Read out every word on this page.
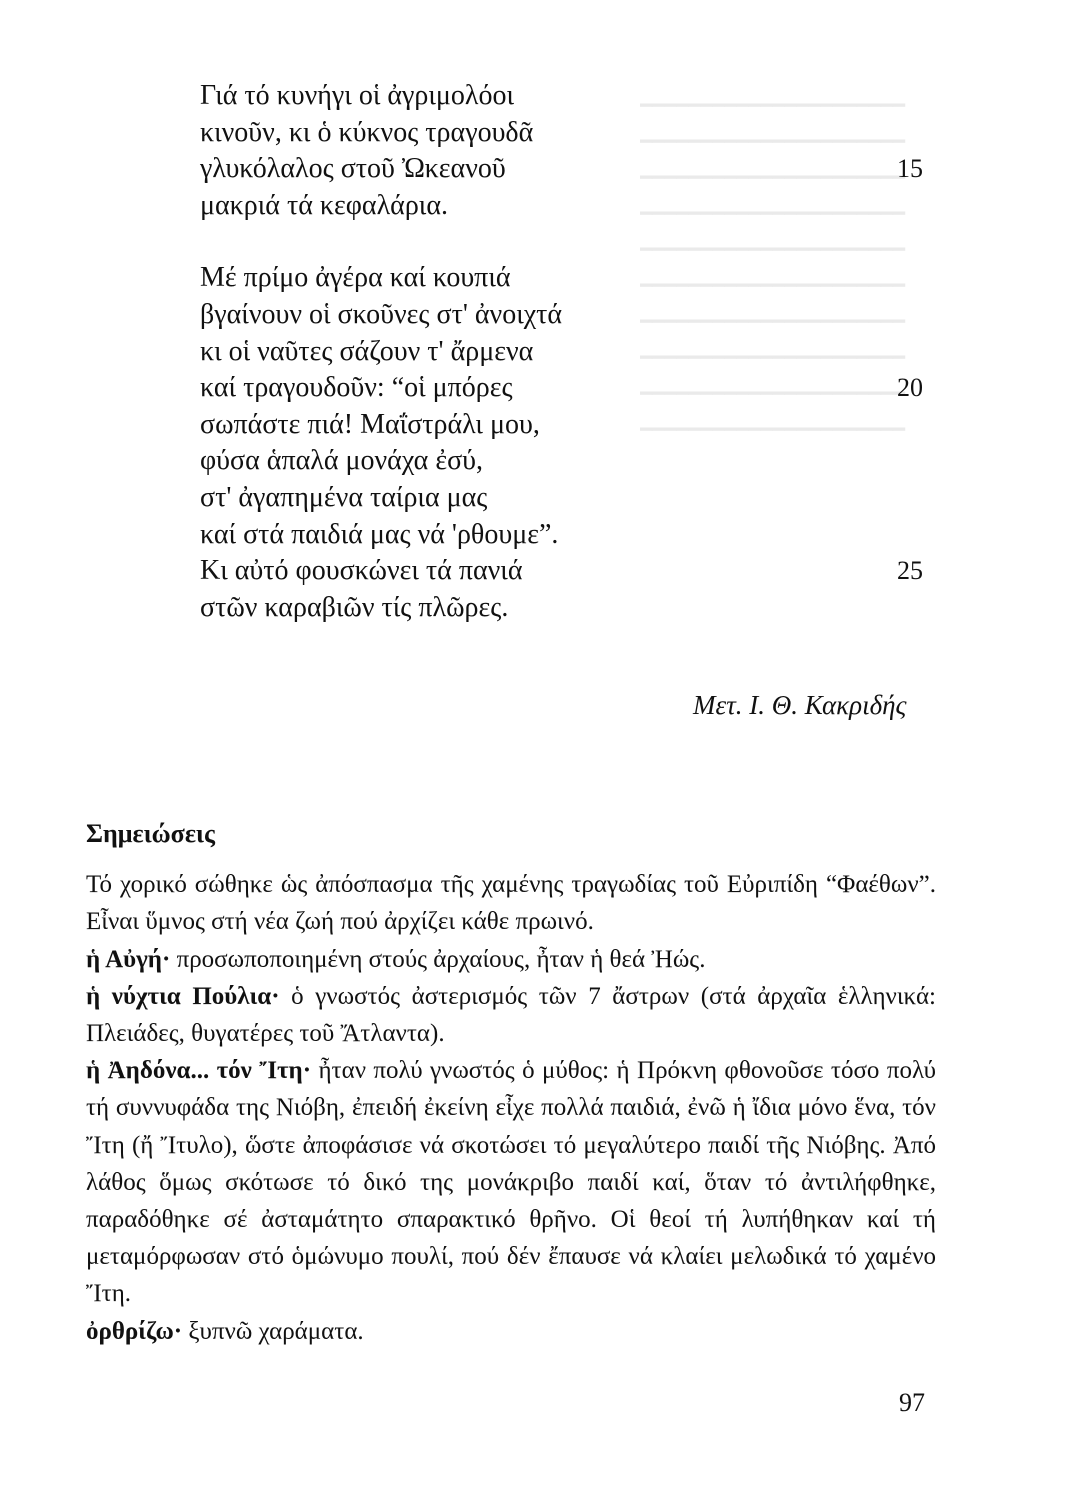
━━━━━━━━━━━━━━━━━━━━━━
━━━━━━━━━━━━━━━━━━━━━━
━━━━━━━━━━━━━━━━━━━━━━
━━━━━━━━━━━━━━━━━━━━━━
━━━━━━━━━━━━━━━━━━━━━━
━━━━━━━━━━━━━━━━━━━━━━
━━━━━━━━━━━━━━━━━━━━━━
━━━━━━━━━━━━━━━━━━━━━━
━━━━━━━━━━━━━━━━━━━━━━
━━━━━━━━━━━━━━━━━━━━━━
Γιά τό κυνήγι οἱ ἀγριμολόοι
κινοῦν, κι ὁ κύκνος τραγουδᾶ
γλυκόλαλος στοῦ Ὠκεανοῦ	15
μακριά τά κεφαλάρια.
Μέ πρίμο ἀγέρα καί κουπιά
βγαίνουν οἱ σκοῦνες στ' ἀνοιχτά
κι οἱ ναῦτες σάζουν τ' ἄρμενα
καί τραγουδοῦν: “οἱ μπόρες	20
σωπάστε πιά! Μαΐστράλι μου,
φύσα ἁπαλά μονάχα ἐσύ,
στ' ἀγαπημένα ταίρια μας
καί στά παιδιά μας νά 'ρθουμε”.
Κι αὐτό φουσκώνει τά πανιά	25
στῶν καραβιῶν τίς πλῶρες.
Μετ. Ι. Θ. Κακριδής
Σημειώσεις

Τό χορικό σώθηκε ὡς ἀπόσπασμα τῆς χαμένης τραγωδίας τοῦ Εὐριπίδη “Φαέθων”. Εἶναι ὕμνος στή νέα ζωή πού ἀρχίζει κάθε πρωινό.

ἡ Αὐγή· προσωποποιημένη στούς ἀρχαίους, ἦταν ἡ θεά Ἠώς.

ἡ νύχτια Πούλια· ὁ γνωστός ἀστερισμός τῶν 7 ἄστρων (στά ἀρχαῖα ἑλληνικά: Πλειάδες, θυγατέρες τοῦ Ἄτλαντα).

ἡ Ἀηδόνα... τόν Ἴτη· ἦταν πολύ γνωστός ὁ μύθος: ἡ Πρόκνη φθονοῦσε τόσο πολύ τή συννυφάδα της Νιόβη, ἐπειδή ἐκείνη εἶχε πολλά παιδιά, ἐνῶ ἡ ἴδια μόνο ἕνα, τόν Ἴτη (ἤ Ἴτυλο), ὥστε ἀποφάσισε νά σκοτώσει τό μεγαλύτερο παιδί τῆς Νιόβης. Ἀπό λάθος ὅμως σκότωσε τό δικό της μονάκριβο παιδί καί, ὅταν τό ἀντιλήφθηκε, παραδόθηκε σέ ἀσταμάτητο σπαρακτικό θρῆνο. Οἱ θεοί τή λυπήθηκαν καί τή μεταμόρφωσαν στό ὁμώνυμο πουλί, πού δέν ἔπαυσε νά κλαίει μελωδικά τό χαμένο Ἴτη.

ὀρθρίζω· ξυπνῶ χαράματα.

97
